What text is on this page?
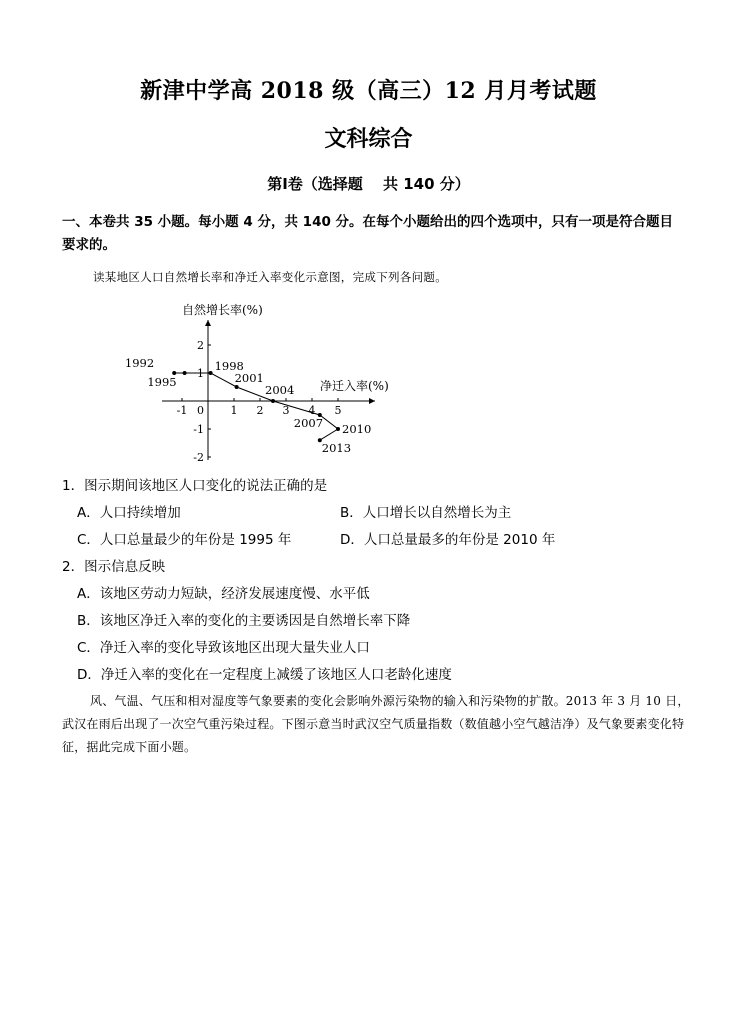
新津中学高 2018 级（高三）12 月月考试题
文科综合
第Ⅰ卷（选择题　 共 140 分）
一、本卷共 35 小题。每小题 4 分，共 140 分。在每个小题给出的四个选项中，只有一项是符合题目要求的。
读某地区人口自然增长率和净迁入率变化示意图，完成下列各问题。
-1	1 2 3 4 5
2
1
-1
-2
0
1992
1995
1998
2001
2004
2007 2010
2013
自然增长率(%)
净迁入率(%)
1．图示期间该地区人口变化的说法正确的是
A．人口持续增加	B．人口增长以自然增长为主
C．人口总量最少的年份是 1995 年	D．人口总量最多的年份是 2010 年
2．图示信息反映
A．该地区劳动力短缺，经济发展速度慢、水平低
B．该地区净迁入率的变化的主要诱因是自然增长率下降
C．净迁入率的变化导致该地区出现大量失业人口
D．净迁入率的变化在一定程度上减缓了该地区人口老龄化速度
风、气温、气压和相对湿度等气象要素的变化会影响外源污染物的输入和污染物的扩散。2013 年 3 月 10 日，武汉在雨后出现了一次空气重污染过程。下图示意当时武汉空气质量指数（数值越小空气越洁净）及气象要素变化特征，据此完成下面小题。
